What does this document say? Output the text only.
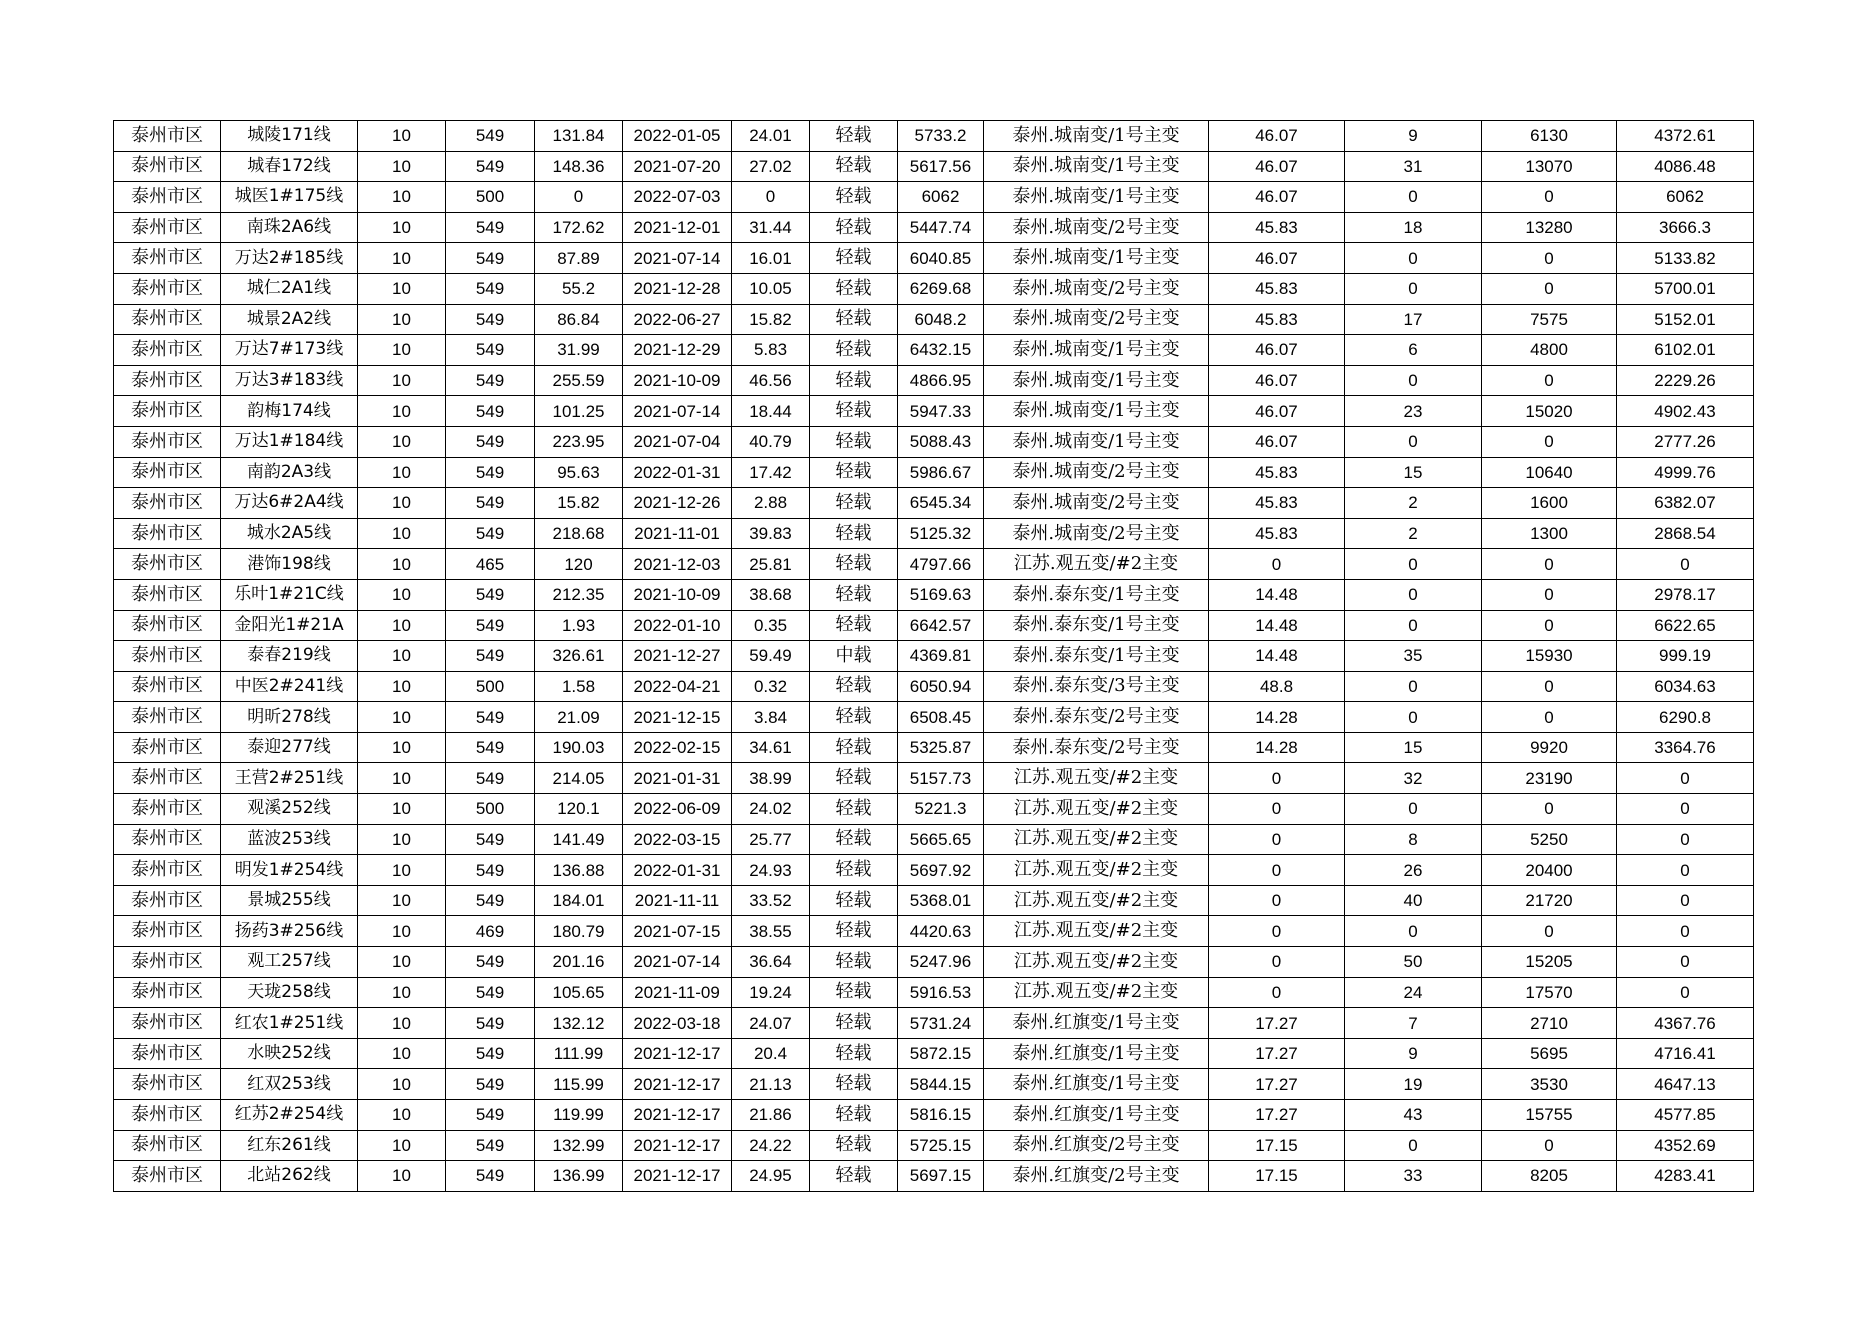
泰州市区	城陵171线	10	549	131.84	2022-01-05	24.01	轻载	5733.2	泰州.城南变/1号主变	46.07	9	6130	4372.61
泰州市区	城春172线	10	549	148.36	2021-07-20	27.02	轻载	5617.56	泰州.城南变/1号主变	46.07	31	13070	4086.48
泰州市区	城医1#175线	10	500	0	2022-07-03	0	轻载	6062	泰州.城南变/1号主变	46.07	0	0	6062
泰州市区	南珠2A6线	10	549	172.62	2021-12-01	31.44	轻载	5447.74	泰州.城南变/2号主变	45.83	18	13280	3666.3
泰州市区	万达2#185线	10	549	87.89	2021-07-14	16.01	轻载	6040.85	泰州.城南变/1号主变	46.07	0	0	5133.82
泰州市区	城仁2A1线	10	549	55.2	2021-12-28	10.05	轻载	6269.68	泰州.城南变/2号主变	45.83	0	0	5700.01
泰州市区	城景2A2线	10	549	86.84	2022-06-27	15.82	轻载	6048.2	泰州.城南变/2号主变	45.83	17	7575	5152.01
泰州市区	万达7#173线	10	549	31.99	2021-12-29	5.83	轻载	6432.15	泰州.城南变/1号主变	46.07	6	4800	6102.01
泰州市区	万达3#183线	10	549	255.59	2021-10-09	46.56	轻载	4866.95	泰州.城南变/1号主变	46.07	0	0	2229.26
泰州市区	韵梅174线	10	549	101.25	2021-07-14	18.44	轻载	5947.33	泰州.城南变/1号主变	46.07	23	15020	4902.43
泰州市区	万达1#184线	10	549	223.95	2021-07-04	40.79	轻载	5088.43	泰州.城南变/1号主变	46.07	0	0	2777.26
泰州市区	南韵2A3线	10	549	95.63	2022-01-31	17.42	轻载	5986.67	泰州.城南变/2号主变	45.83	15	10640	4999.76
泰州市区	万达6#2A4线	10	549	15.82	2021-12-26	2.88	轻载	6545.34	泰州.城南变/2号主变	45.83	2	1600	6382.07
泰州市区	城水2A5线	10	549	218.68	2021-11-01	39.83	轻载	5125.32	泰州.城南变/2号主变	45.83	2	1300	2868.54
泰州市区	港饰198线	10	465	120	2021-12-03	25.81	轻载	4797.66	江苏.观五变/#2主变	0	0	0	0
泰州市区	乐叶1#21C线	10	549	212.35	2021-10-09	38.68	轻载	5169.63	泰州.泰东变/1号主变	14.48	0	0	2978.17
泰州市区	金阳光1#21A	10	549	1.93	2022-01-10	0.35	轻载	6642.57	泰州.泰东变/1号主变	14.48	0	0	6622.65
泰州市区	泰春219线	10	549	326.61	2021-12-27	59.49	中载	4369.81	泰州.泰东变/1号主变	14.48	35	15930	999.19
泰州市区	中医2#241线	10	500	1.58	2022-04-21	0.32	轻载	6050.94	泰州.泰东变/3号主变	48.8	0	0	6034.63
泰州市区	明昕278线	10	549	21.09	2021-12-15	3.84	轻载	6508.45	泰州.泰东变/2号主变	14.28	0	0	6290.8
泰州市区	泰迎277线	10	549	190.03	2022-02-15	34.61	轻载	5325.87	泰州.泰东变/2号主变	14.28	15	9920	3364.76
泰州市区	王营2#251线	10	549	214.05	2021-01-31	38.99	轻载	5157.73	江苏.观五变/#2主变	0	32	23190	0
泰州市区	观溪252线	10	500	120.1	2022-06-09	24.02	轻载	5221.3	江苏.观五变/#2主变	0	0	0	0
泰州市区	蓝波253线	10	549	141.49	2022-03-15	25.77	轻载	5665.65	江苏.观五变/#2主变	0	8	5250	0
泰州市区	明发1#254线	10	549	136.88	2022-01-31	24.93	轻载	5697.92	江苏.观五变/#2主变	0	26	20400	0
泰州市区	景城255线	10	549	184.01	2021-11-11	33.52	轻载	5368.01	江苏.观五变/#2主变	0	40	21720	0
泰州市区	扬药3#256线	10	469	180.79	2021-07-15	38.55	轻载	4420.63	江苏.观五变/#2主变	0	0	0	0
泰州市区	观工257线	10	549	201.16	2021-07-14	36.64	轻载	5247.96	江苏.观五变/#2主变	0	50	15205	0
泰州市区	天珑258线	10	549	105.65	2021-11-09	19.24	轻载	5916.53	江苏.观五变/#2主变	0	24	17570	0
泰州市区	红农1#251线	10	549	132.12	2022-03-18	24.07	轻载	5731.24	泰州.红旗变/1号主变	17.27	7	2710	4367.76
泰州市区	水映252线	10	549	111.99	2021-12-17	20.4	轻载	5872.15	泰州.红旗变/1号主变	17.27	9	5695	4716.41
泰州市区	红双253线	10	549	115.99	2021-12-17	21.13	轻载	5844.15	泰州.红旗变/1号主变	17.27	19	3530	4647.13
泰州市区	红苏2#254线	10	549	119.99	2021-12-17	21.86	轻载	5816.15	泰州.红旗变/1号主变	17.27	43	15755	4577.85
泰州市区	红东261线	10	549	132.99	2021-12-17	24.22	轻载	5725.15	泰州.红旗变/2号主变	17.15	0	0	4352.69
泰州市区	北站262线	10	549	136.99	2021-12-17	24.95	轻载	5697.15	泰州.红旗变/2号主变	17.15	33	8205	4283.41
